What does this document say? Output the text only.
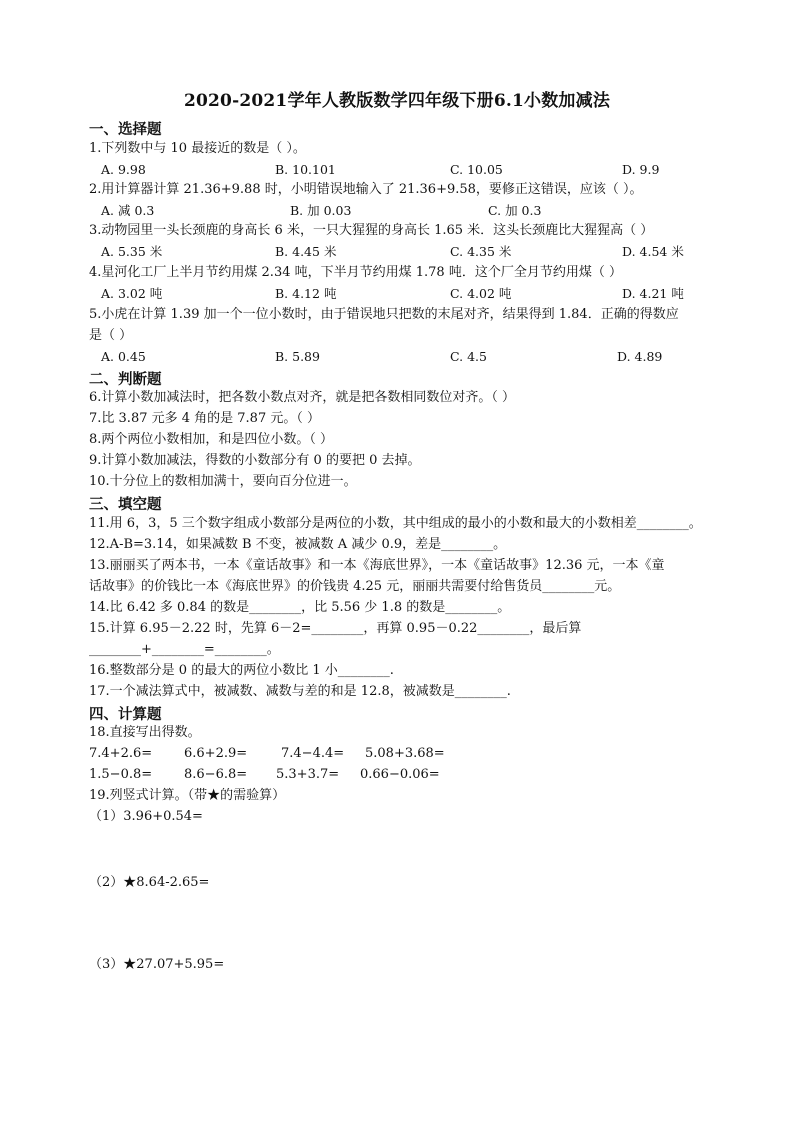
2020-2021学年人教版数学四年级下册6.1小数加减法
一、选择题
1.下列数中与 10 最接近的数是（ ）。
A. 9.98	B. 10.101	C. 10.05	D. 9.9
2.用计算器计算 21.36+9.88 时，小明错误地输入了 21.36+9.58，要修正这错误，应该（ ）。
A. 减 0.3	B. 加 0.03	C. 加 0.3
3.动物园里一头长颈鹿的身高长 6 米，一只大猩猩的身高长 1.65 米．这头长颈鹿比大猩猩高（ ）
A. 5.35 米	B. 4.45 米	C. 4.35 米	D. 4.54 米
4.星河化工厂上半月节约用煤 2.34 吨，下半月节约用煤 1.78 吨．这个厂全月节约用煤（ ）
A. 3.02 吨	B. 4.12 吨	C. 4.02 吨	D. 4.21 吨
5.小虎在计算 1.39 加一个一位小数时，由于错误地只把数的末尾对齐，结果得到 1.84．正确的得数应
是（ ）
A. 0.45	B. 5.89	C. 4.5	D. 4.89
二、判断题
6.计算小数加减法时，把各数小数点对齐，就是把各数相同数位对齐。（ ）
7.比 3.87 元多 4 角的是 7.87 元。（ ）
8.两个两位小数相加，和是四位小数。（ ）
9.计算小数加减法，得数的小数部分有 0 的要把 0 去掉。
10.十分位上的数相加满十，要向百分位进一。
三、填空题
11.用 6，3，5 三个数字组成小数部分是两位的小数，其中组成的最小的小数和最大的小数相差________。
12.A-B=3.14，如果减数 B 不变，被减数 A 减少 0.9，差是________。
13.丽丽买了两本书，一本《童话故事》和一本《海底世界》，一本《童话故事》12.36 元，一本《童
话故事》的价钱比一本《海底世界》的价钱贵 4.25 元，丽丽共需要付给售货员________元。
14.比 6.42 多 0.84 的数是________，比 5.56 少 1.8 的数是________。
15.计算 6.95－2.22 时，先算 6－2=________，再算 0.95－0.22________，最后算
________+________=________。
16.整数部分是 0 的最大的两位小数比 1 小________.
17.一个减法算式中，被减数、减数与差的和是 12.8，被减数是________.
四、计算题
18.直接写出得数。
7.4+2.6= 6.6+2.9=	7.4−4.4= 5.08+3.68=
1.5−0.8= 8.6−6.8= 5.3+3.7= 0.66−0.06=
19.列竖式计算。（带★的需验算）
（1）3.96+0.54=
（2）★8.64-2.65=
（3）★27.07+5.95=
